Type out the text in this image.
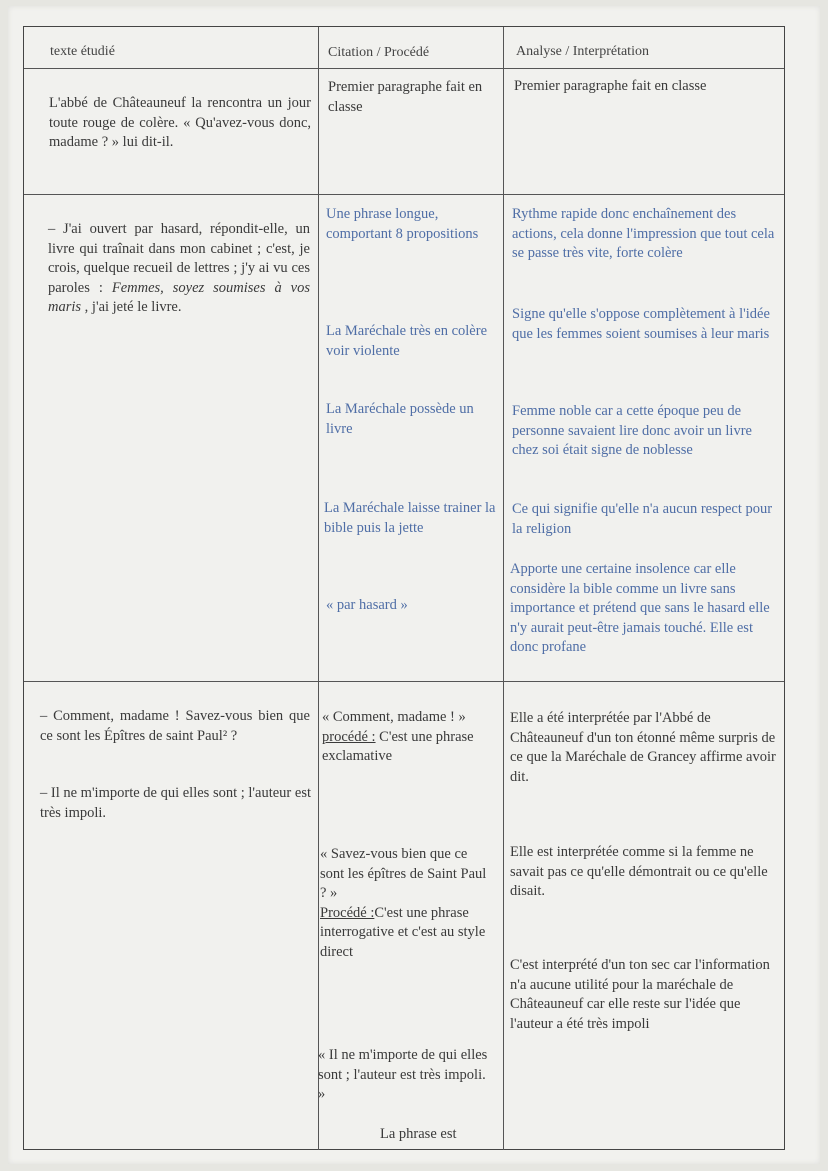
texte étudié	Citation / Procédé	Analyse / Interprétation
L'abbé de Châteauneuf la rencontra un jour toute rouge de colère. « Qu'avez-vous donc, madame ? » lui dit-il.
Premier paragraphe fait en classe
Premier paragraphe fait en classe
– J'ai ouvert par hasard, répondit-elle, un livre qui traînait dans mon cabinet ; c'est, je crois, quelque recueil de lettres ; j'y ai vu ces paroles : Femmes, soyez soumises à vos maris , j'ai jeté le livre.
Une phrase longue, comportant 8 propositions
La Maréchale très en colère voir violente
La Maréchale possède un livre
La Maréchale laisse trainer la bible puis la jette
« par hasard »
Rythme rapide donc enchaînement des actions, cela donne l'impression que tout cela se passe très vite, forte colère
Signe qu'elle s'oppose complètement à l'idée que les femmes soient soumises à leur maris
Femme noble car a cette époque peu de personne savaient lire donc avoir un livre chez soi était signe de noblesse
Ce qui signifie qu'elle n'a aucun respect pour la religion
Apporte une certaine insolence car elle considère la bible comme un livre sans importance et prétend que sans le hasard elle n'y aurait peut-être jamais touché. Elle est donc profane
– Comment, madame ! Savez-vous bien que ce sont les Épîtres de saint Paul² ?
– Il ne m'importe de qui elles sont ; l'auteur est très impoli.
« Comment, madame ! »
procédé : C'est une phrase exclamative
« Savez-vous bien que ce sont les épîtres de Saint Paul ? »
Procédé :C'est une phrase interrogative et c'est au style direct
« Il ne m'importe de qui elles sont ; l'auteur est très impoli. »
La phrase est
Elle a été interprétée par l'Abbé de Châteauneuf d'un ton étonné même surpris de ce que la Maréchale de Grancey affirme avoir dit.
Elle est interprétée comme si la femme ne savait pas ce qu'elle démontrait ou ce qu'elle disait.
C'est interprété d'un ton sec car l'information n'a aucune utilité pour la maréchale de Châteauneuf car elle reste sur l'idée que l'auteur a été très impoli
